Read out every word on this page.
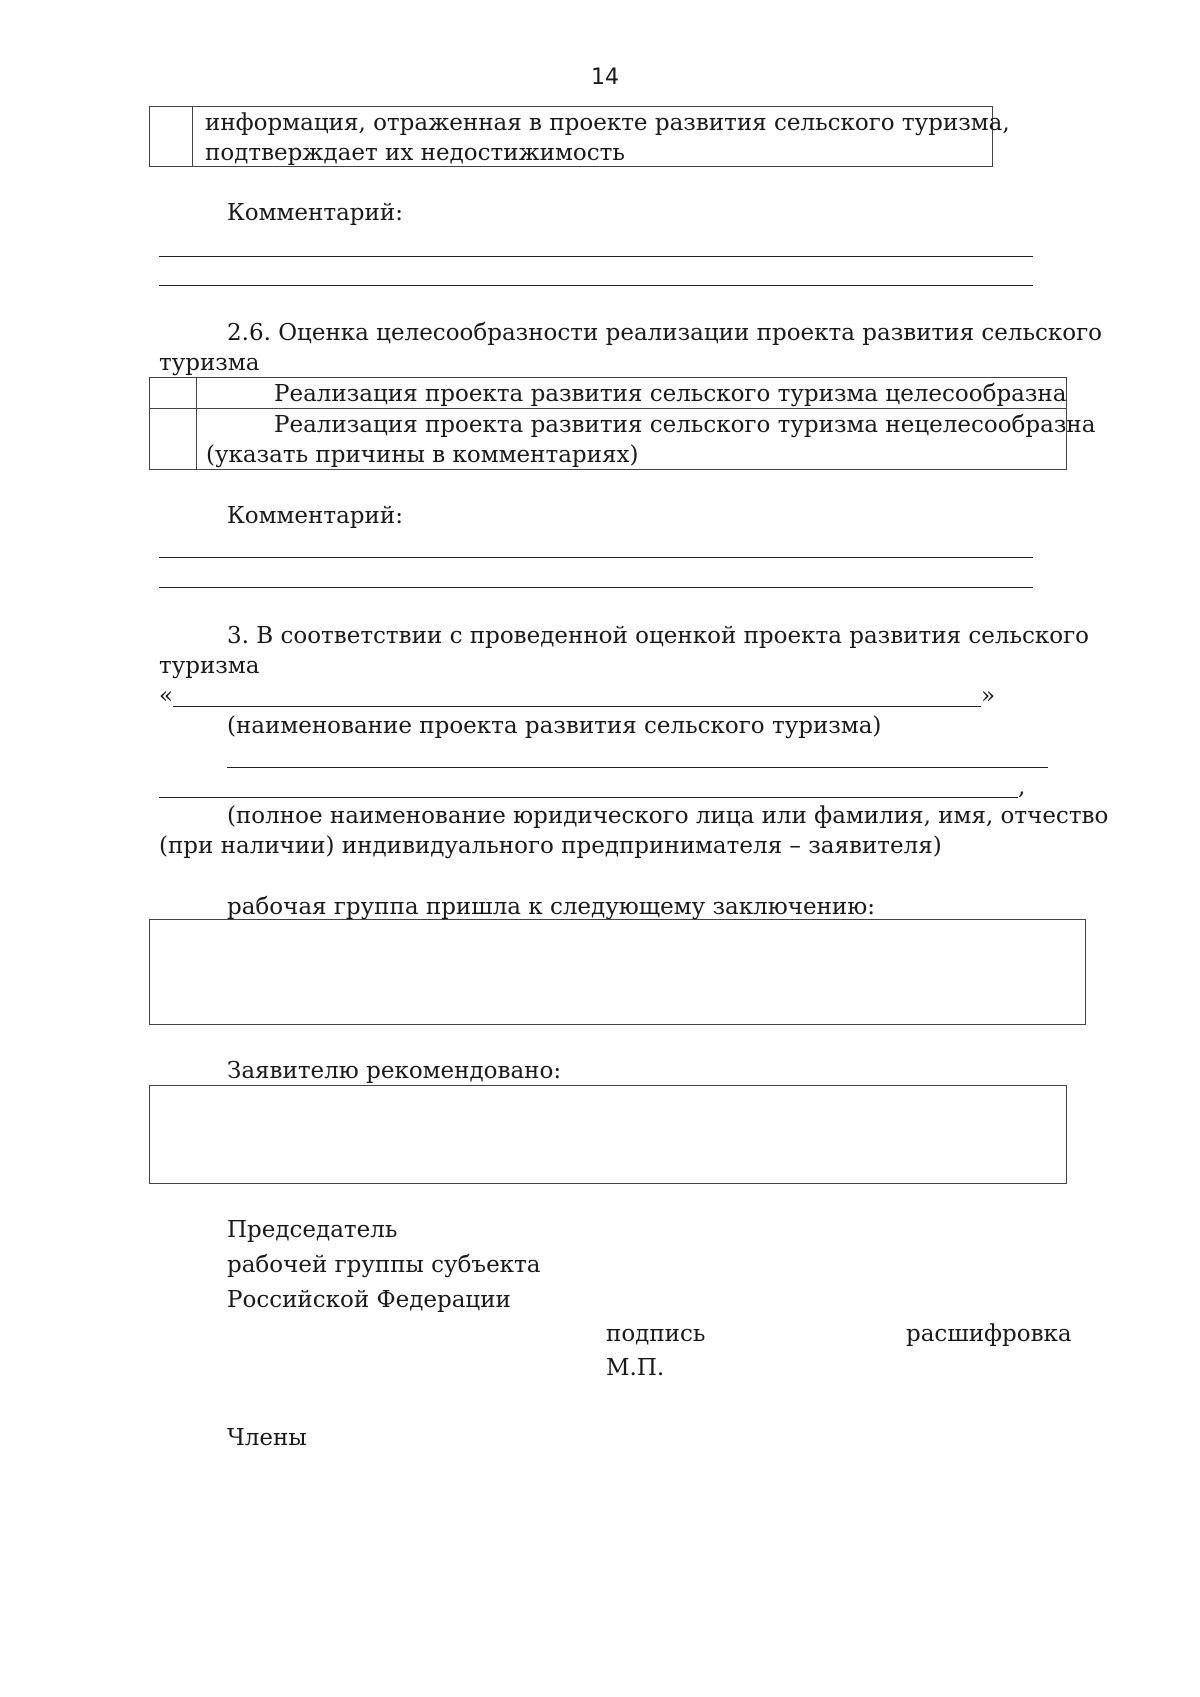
14
информация, отраженная в проекте развития сельского туризма,
подтверждает их недостижимость
Комментарий:
2.6. Оценка целесообразности реализации проекта развития сельского
туризма
Реализация проекта развития сельского туризма целесообразна
Реализация проекта развития сельского туризма нецелесообразна
(указать причины в комментариях)
Комментарий:
3. В соответствии с проведенной оценкой проекта развития сельского
туризма
«	»
(наименование проекта развития сельского туризма)
,
(полное наименование юридического лица или фамилия, имя, отчество
(при наличии) индивидуального предпринимателя – заявителя)
рабочая группа пришла к следующему заключению:
Заявителю рекомендовано:
Председатель
рабочей группы субъекта
Российской Федерации
подпись	расшифровка
М.П.
Члены
